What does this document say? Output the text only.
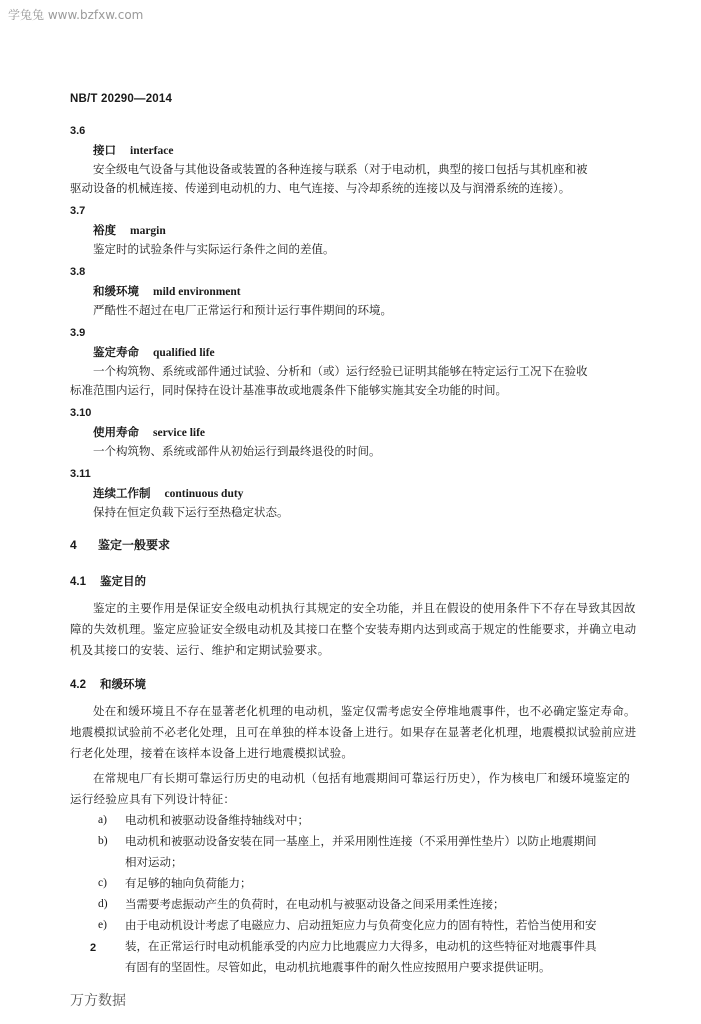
学兔兔 www.bzfxw.com
NB/T 20290—2014
3.6
接口 interface
安全级电气设备与其他设备或装置的各种连接与联系（对于电动机，典型的接口包括与其机座和被
驱动设备的机械连接、传递到电动机的力、电气连接、与冷却系统的连接以及与润滑系统的连接）。
3.7
裕度 margin
鉴定时的试验条件与实际运行条件之间的差值。
3.8
和缓环境 mild environment
严酷性不超过在电厂正常运行和预计运行事件期间的环境。
3.9
鉴定寿命 qualified life
一个构筑物、系统或部件通过试验、分析和（或）运行经验已证明其能够在特定运行工况下在验收
标准范围内运行，同时保持在设计基准事故或地震条件下能够实施其安全功能的时间。
3.10
使用寿命 service life
一个构筑物、系统或部件从初始运行到最终退役的时间。
3.11
连续工作制 continuous duty
保持在恒定负载下运行至热稳定状态。
4 鉴定一般要求
4.1 鉴定目的
鉴定的主要作用是保证安全级电动机执行其规定的安全功能，并且在假设的使用条件下不存在导致其因故障的失效机理。鉴定应验证安全级电动机及其接口在整个安装寿期内达到或高于规定的性能要求，并确立电动机及其接口的安装、运行、维护和定期试验要求。
4.2 和缓环境
处在和缓环境且不存在显著老化机理的电动机，鉴定仅需考虑安全停堆地震事件，也不必确定鉴定寿命。地震模拟试验前不必老化处理，且可在单独的样本设备上进行。如果存在显著老化机理，地震模拟试验前应进行老化处理，接着在该样本设备上进行地震模拟试验。
在常规电厂有长期可靠运行历史的电动机（包括有地震期间可靠运行历史），作为核电厂和缓环境鉴定的运行经验应具有下列设计特征：
a) 电动机和被驱动设备维持轴线对中；
b) 电动机和被驱动设备安装在同一基座上，并采用刚性连接（不采用弹性垫片）以防止地震期间
相对运动；
c) 有足够的轴向负荷能力；
d) 当需要考虑振动产生的负荷时，在电动机与被驱动设备之间采用柔性连接；
e) 由于电动机设计考虑了电磁应力、启动扭矩应力与负荷变化应力的固有特性，若恰当使用和安
装，在正常运行时电动机能承受的内应力比地震应力大得多，电动机的这些特征对地震事件具
有固有的坚固性。尽管如此，电动机抗地震事件的耐久性应按照用户要求提供证明。
2
万方数据
